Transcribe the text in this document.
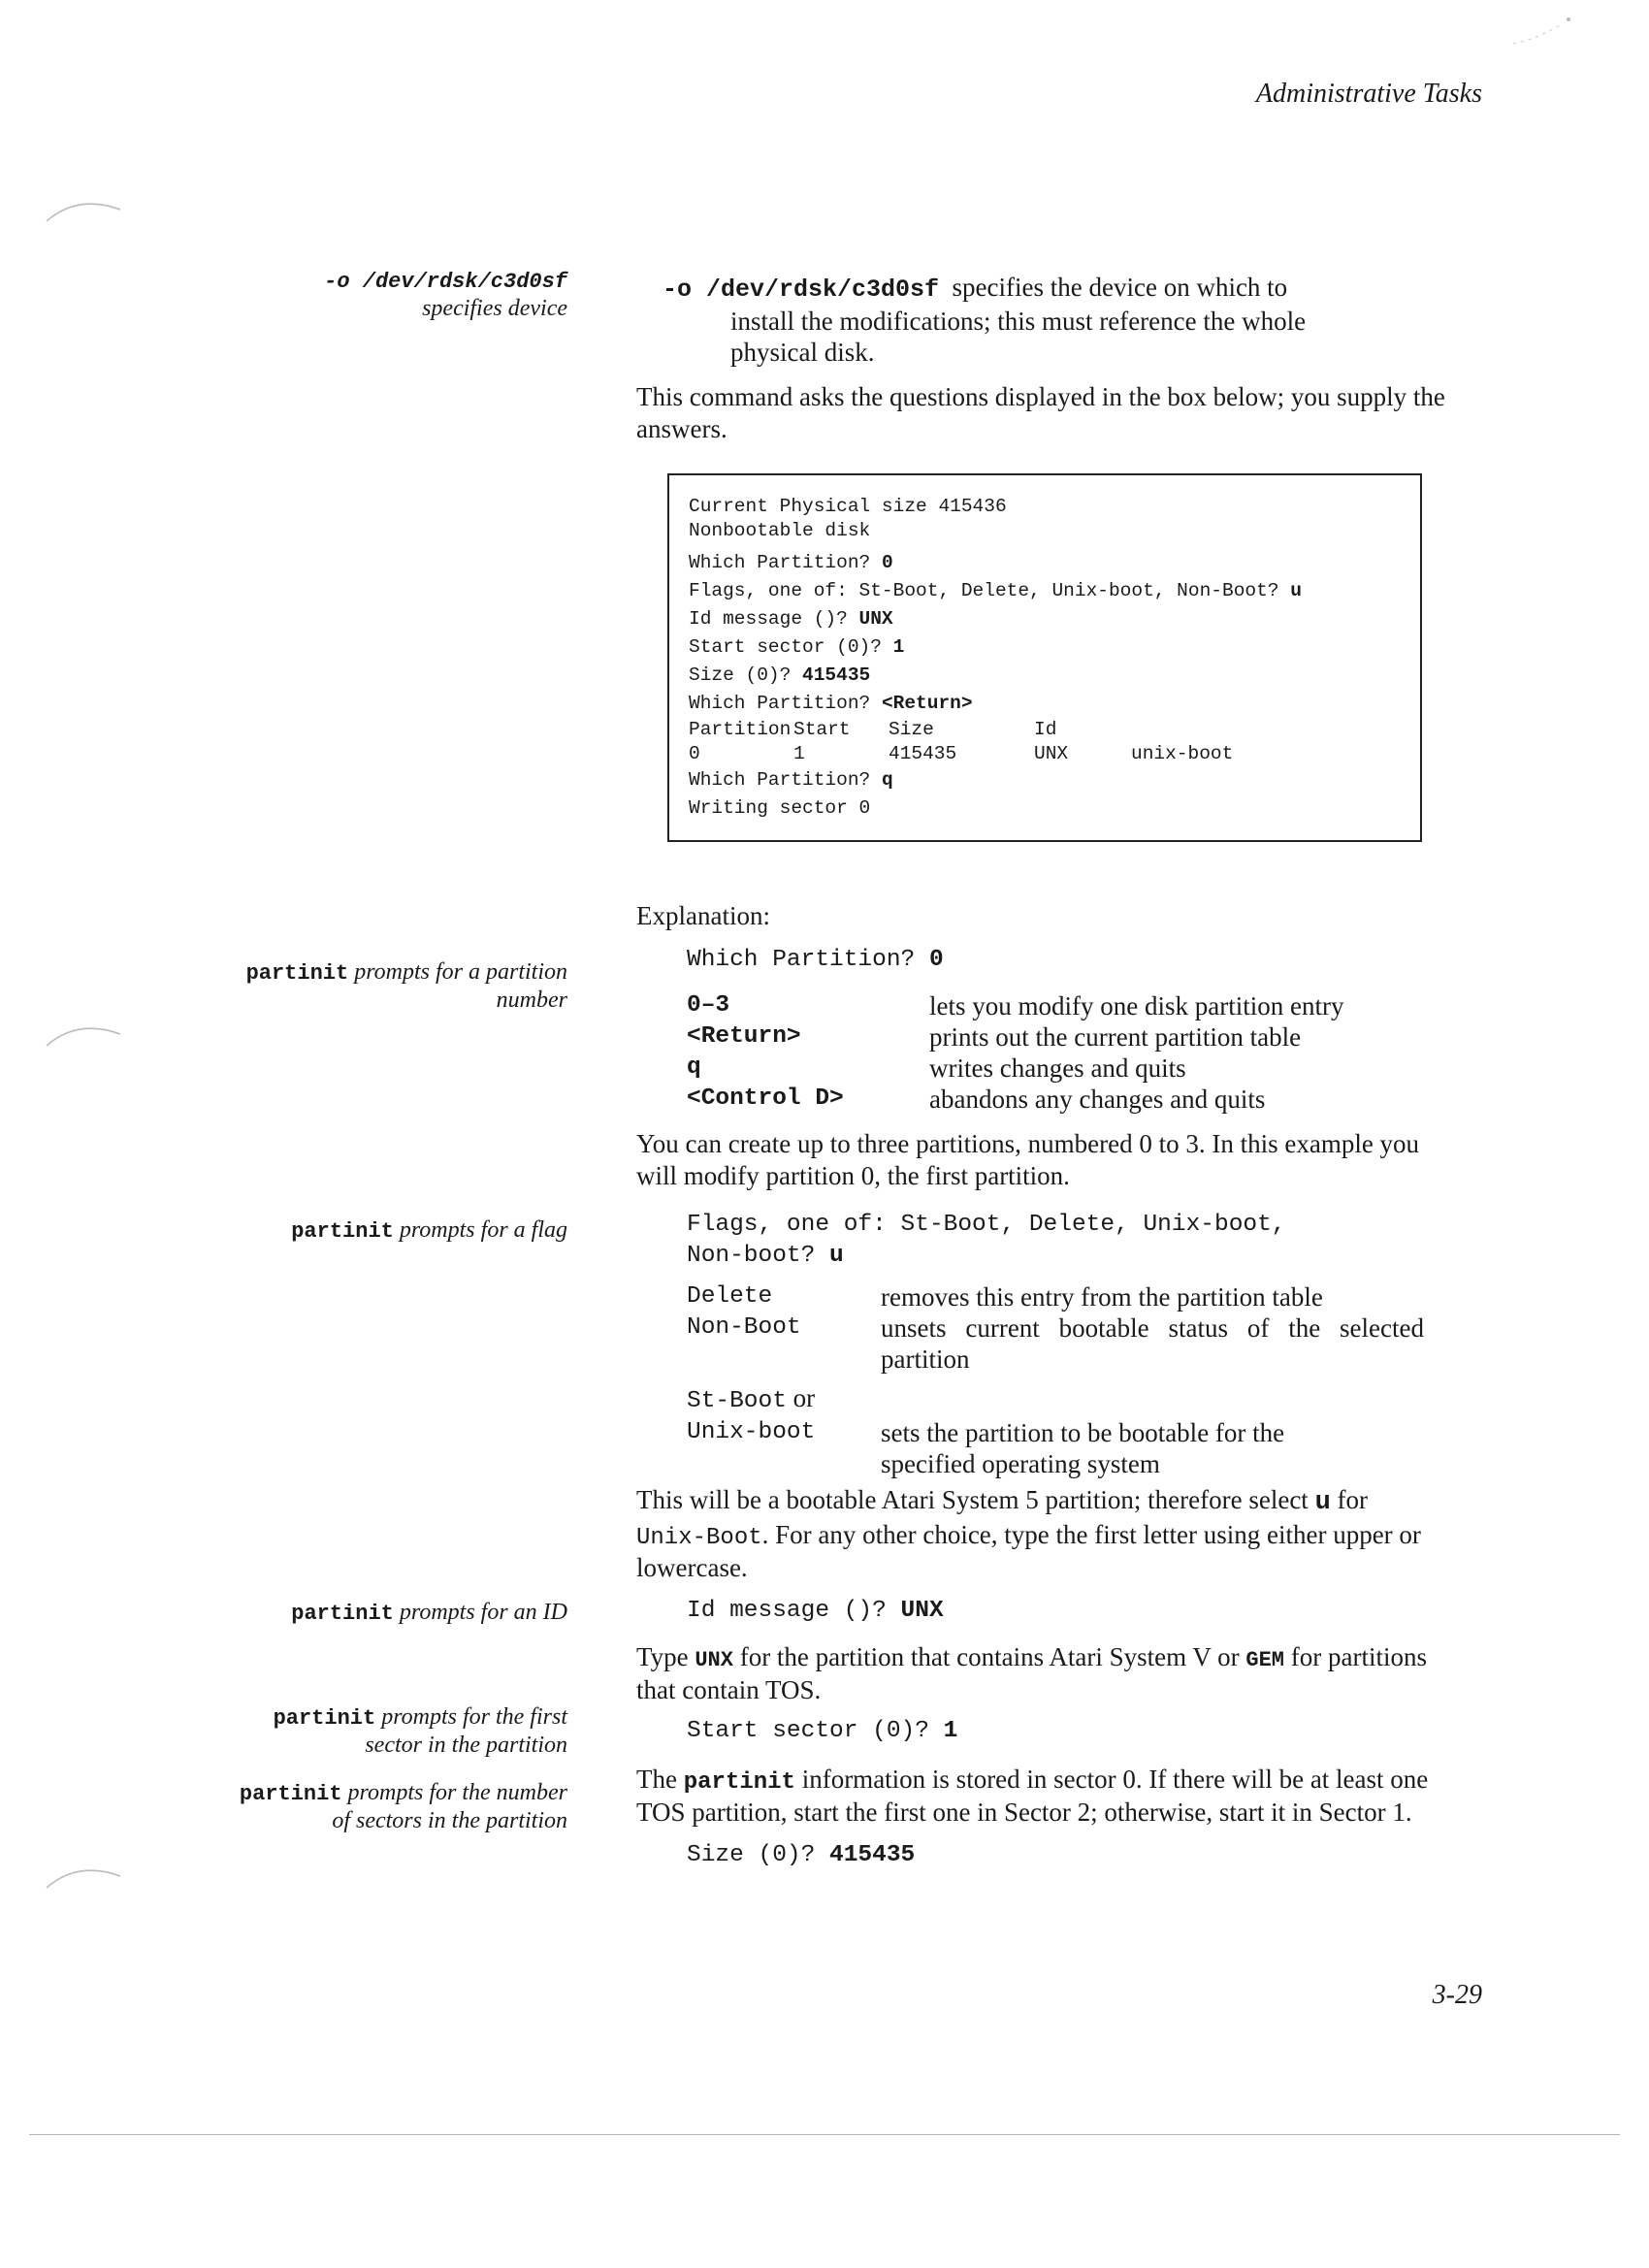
Administrative Tasks
-o /dev/rdsk/c3d0sf
specifies device
-o /dev/rdsk/c3d0sf specifies the device on which to
install the modifications; this must reference the whole
physical disk.
This command asks the questions displayed in the box below; you supply the
answers.
Current Physical size 415436
Nonbootable disk
Which Partition? 0
Flags, one of: St-Boot, Delete, Unix-boot, Non-Boot? u
Id message ()? UNX
Start sector (0)? 1
Size (0)? 415435
Which Partition? <Return>
Partition Start Size	Id
0	1	415435	UNX	unix-boot
Which Partition? q
Writing sector 0
Explanation:
partinit prompts for a partition
number
Which Partition? 0
0–3	lets you modify one disk partition entry
<Return>	prints out the current partition table
q	writes changes and quits
<Control D>	abandons any changes and quits
You can create up to three partitions, numbered 0 to 3. In this example you
will modify partition 0, the first partition.
partinit prompts for a flag	Flags, one of: St-Boot, Delete, Unix-boot,
Non-boot? u
Delete	removes this entry from the partition table
Non-Boot	unsets current bootable status of the selected
partition
St-Boot or
Unix-boot	sets the partition to be bootable for the
specified operating system
This will be a bootable Atari System 5 partition; therefore select u for
Unix-Boot. For any other choice, type the first letter using either upper or
lowercase.
partinit prompts for an ID	Id message ()? UNX
Type UNX for the partition that contains Atari System V or GEM for partitions
that contain TOS.
partinit prompts for the first
sector in the partition
Start sector (0)? 1
partinit prompts for the number
of sectors in the partition
The partinit information is stored in sector 0. If there will be at least one
TOS partition, start the first one in Sector 2; otherwise, start it in Sector 1.
Size (0)? 415435
3-29
